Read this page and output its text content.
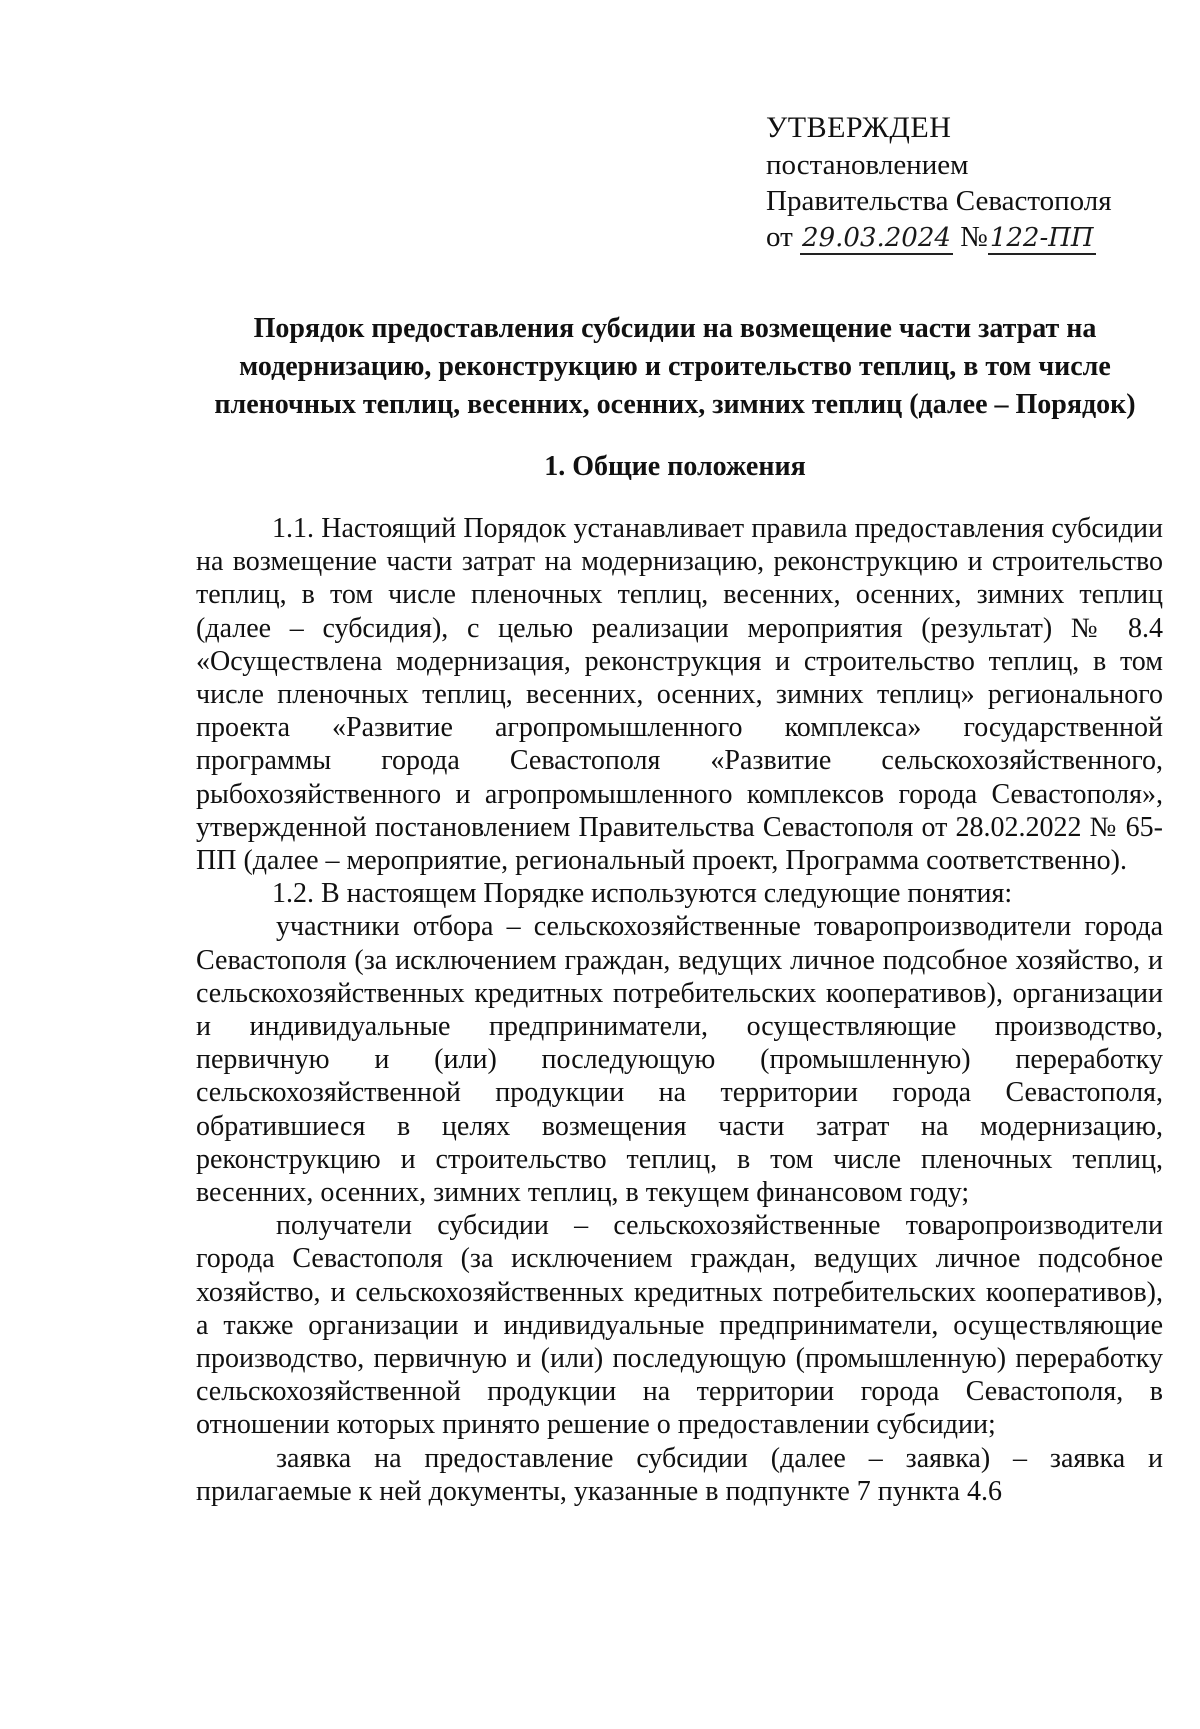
УТВЕРЖДЕН
постановлением
Правительства Севастополя
от 29.03.2024 №122-ПП
Порядок предоставления субсидии на возмещение части затрат на модернизацию, реконструкцию и строительство теплиц, в том числе пленочных теплиц, весенних, осенних, зимних теплиц (далее – Порядок)
1. Общие положения

1.1. Настоящий Порядок устанавливает правила предоставления субсидии на возмещение части затрат на модернизацию, реконструкцию и строительство теплиц, в том числе пленочных теплиц, весенних, осенних, зимних теплиц (далее – субсидия), с целью реализации мероприятия (результат) № 8.4 «Осуществлена модернизация, реконструкция и строительство теплиц, в том числе пленочных теплиц, весенних, осенних, зимних теплиц» регионального проекта «Развитие агропромышленного комплекса» государственной программы города Севастополя «Развитие сельскохозяйственного, рыбохозяйственного и агропромышленного комплексов города Севастополя», утвержденной постановлением Правительства Севастополя от 28.02.2022 № 65-ПП (далее – мероприятие, региональный проект, Программа соответственно).

1.2. В настоящем Порядке используются следующие понятия:

участники отбора – сельскохозяйственные товаропроизводители города Севастополя (за исключением граждан, ведущих личное подсобное хозяйство, и сельскохозяйственных кредитных потребительских кооперативов), организации и индивидуальные предприниматели, осуществляющие производство, первичную и (или) последующую (промышленную) переработку сельскохозяйственной продукции на территории города Севастополя, обратившиеся в целях возмещения части затрат на модернизацию, реконструкцию и строительство теплиц, в том числе пленочных теплиц, весенних, осенних, зимних теплиц, в текущем финансовом году;

получатели субсидии – сельскохозяйственные товаропроизводители города Севастополя (за исключением граждан, ведущих личное подсобное хозяйство, и сельскохозяйственных кредитных потребительских кооперативов), а также организации и индивидуальные предприниматели, осуществляющие производство, первичную и (или) последующую (промышленную) переработку сельскохозяйственной продукции на территории города Севастополя, в отношении которых принято решение о предоставлении субсидии;

заявка на предоставление субсидии (далее – заявка) – заявка и прилагаемые к ней документы, указанные в подпункте 7 пункта 4.6
